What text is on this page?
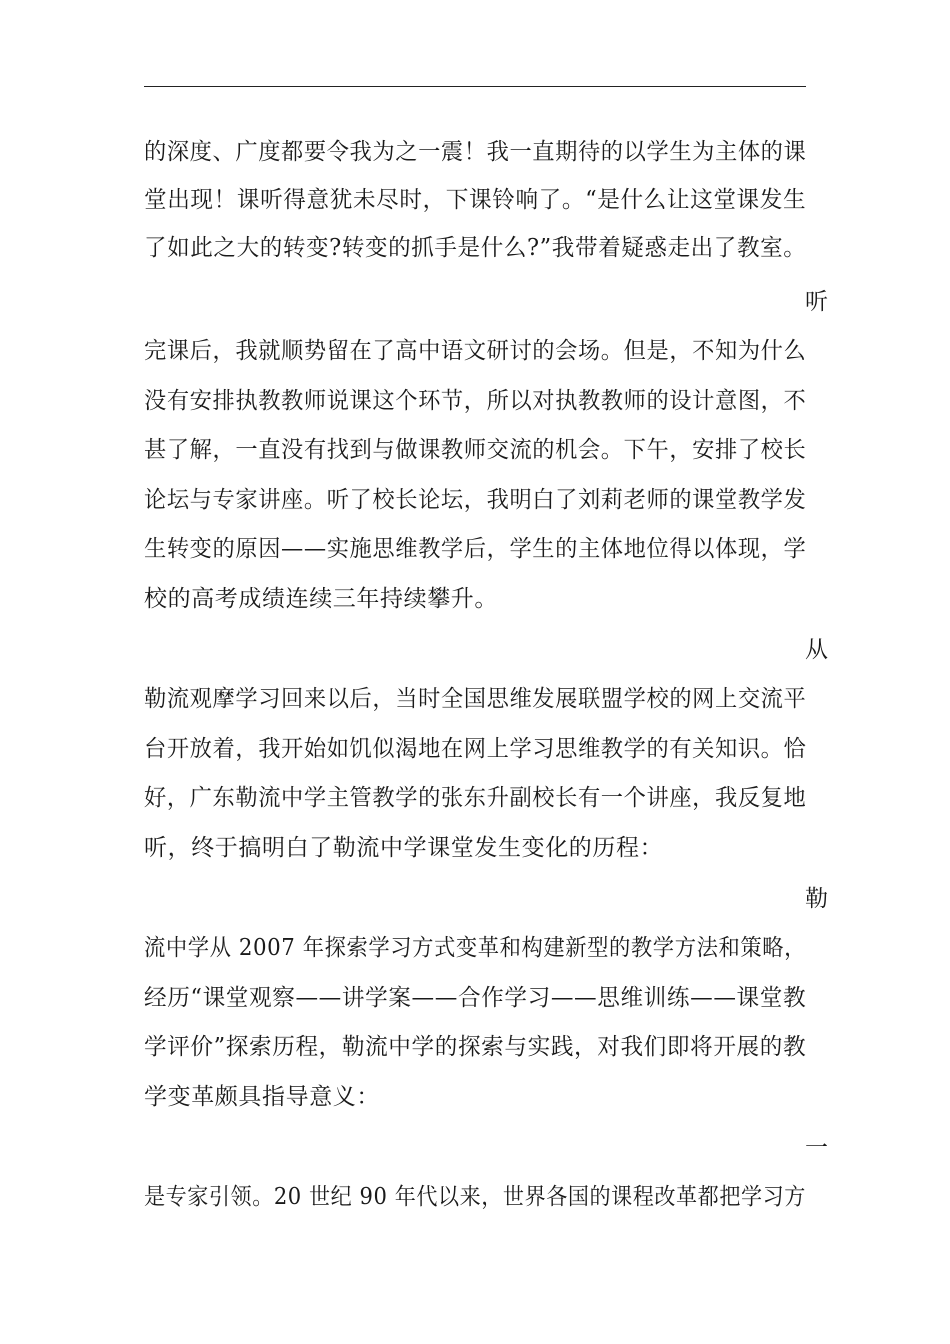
的深度、广度都要令我为之一震！我一直期待的以学生为主体的课
堂出现！课听得意犹未尽时，下课铃响了。“是什么让这堂课发生
了如此之大的转变?转变的抓手是什么?”我带着疑惑走出了教室。
听
完课后，我就顺势留在了高中语文研讨的会场。但是，不知为什么
没有安排执教教师说课这个环节，所以对执教教师的设计意图，不
甚了解，一直没有找到与做课教师交流的机会。下午，安排了校长
论坛与专家讲座。听了校长论坛，我明白了刘莉老师的课堂教学发
生转变的原因——实施思维教学后，学生的主体地位得以体现，学
校的高考成绩连续三年持续攀升。
从
勒流观摩学习回来以后，当时全国思维发展联盟学校的网上交流平
台开放着，我开始如饥似渴地在网上学习思维教学的有关知识。恰
好，广东勒流中学主管教学的张东升副校长有一个讲座，我反复地
听，终于搞明白了勒流中学课堂发生变化的历程：
勒
流中学从 2007 年探索学习方式变革和构建新型的教学方法和策略，
经历“课堂观察——讲学案——合作学习——思维训练——课堂教
学评价”探索历程，勒流中学的探索与实践，对我们即将开展的教
学变革颇具指导意义：
一
是专家引领。20 世纪 90 年代以来，世界各国的课程改革都把学习方
